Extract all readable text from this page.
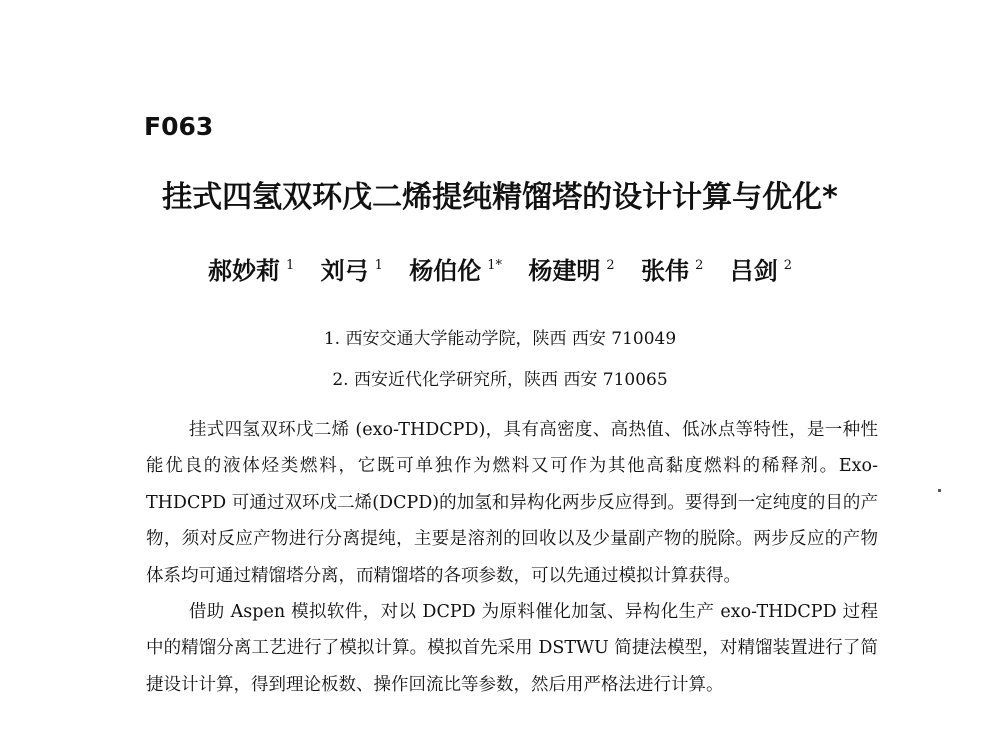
F063
挂式四氢双环戊二烯提纯精馏塔的设计计算与优化*
郝妙莉 $^1$ 刘弓 $^1$ 杨伯伦 $^{1*}$ 杨建明 $^2$ 张伟 $^2$ 吕剑 $^2$
1. 西安交通大学能动学院，陕西 西安 710049
2. 西安近代化学研究所，陕西 西安 710065

挂式四氢双环戊二烯 (exo-THDCPD)，具有高密度、高热值、低冰点等特性，是一种性能优良的液体烃类燃料，它既可单独作为燃料又可作为其他高黏度燃料的稀释剂。Exo-THDCPD 可通过双环戊二烯(DCPD)的加氢和异构化两步反应得到。要得到一定纯度的目的产物，须对反应产物进行分离提纯，主要是溶剂的回收以及少量副产物的脱除。两步反应的产物体系均可通过精馏塔分离，而精馏塔的各项参数，可以先通过模拟计算获得。

借助 Aspen 模拟软件，对以 DCPD 为原料催化加氢、异构化生产 exo-THDCPD 过程中的精馏分离工艺进行了模拟计算。模拟首先采用 DSTWU 简捷法模型，对精馏装置进行了简捷设计计算，得到理论板数、操作回流比等参数，然后用严格法进行计算。
